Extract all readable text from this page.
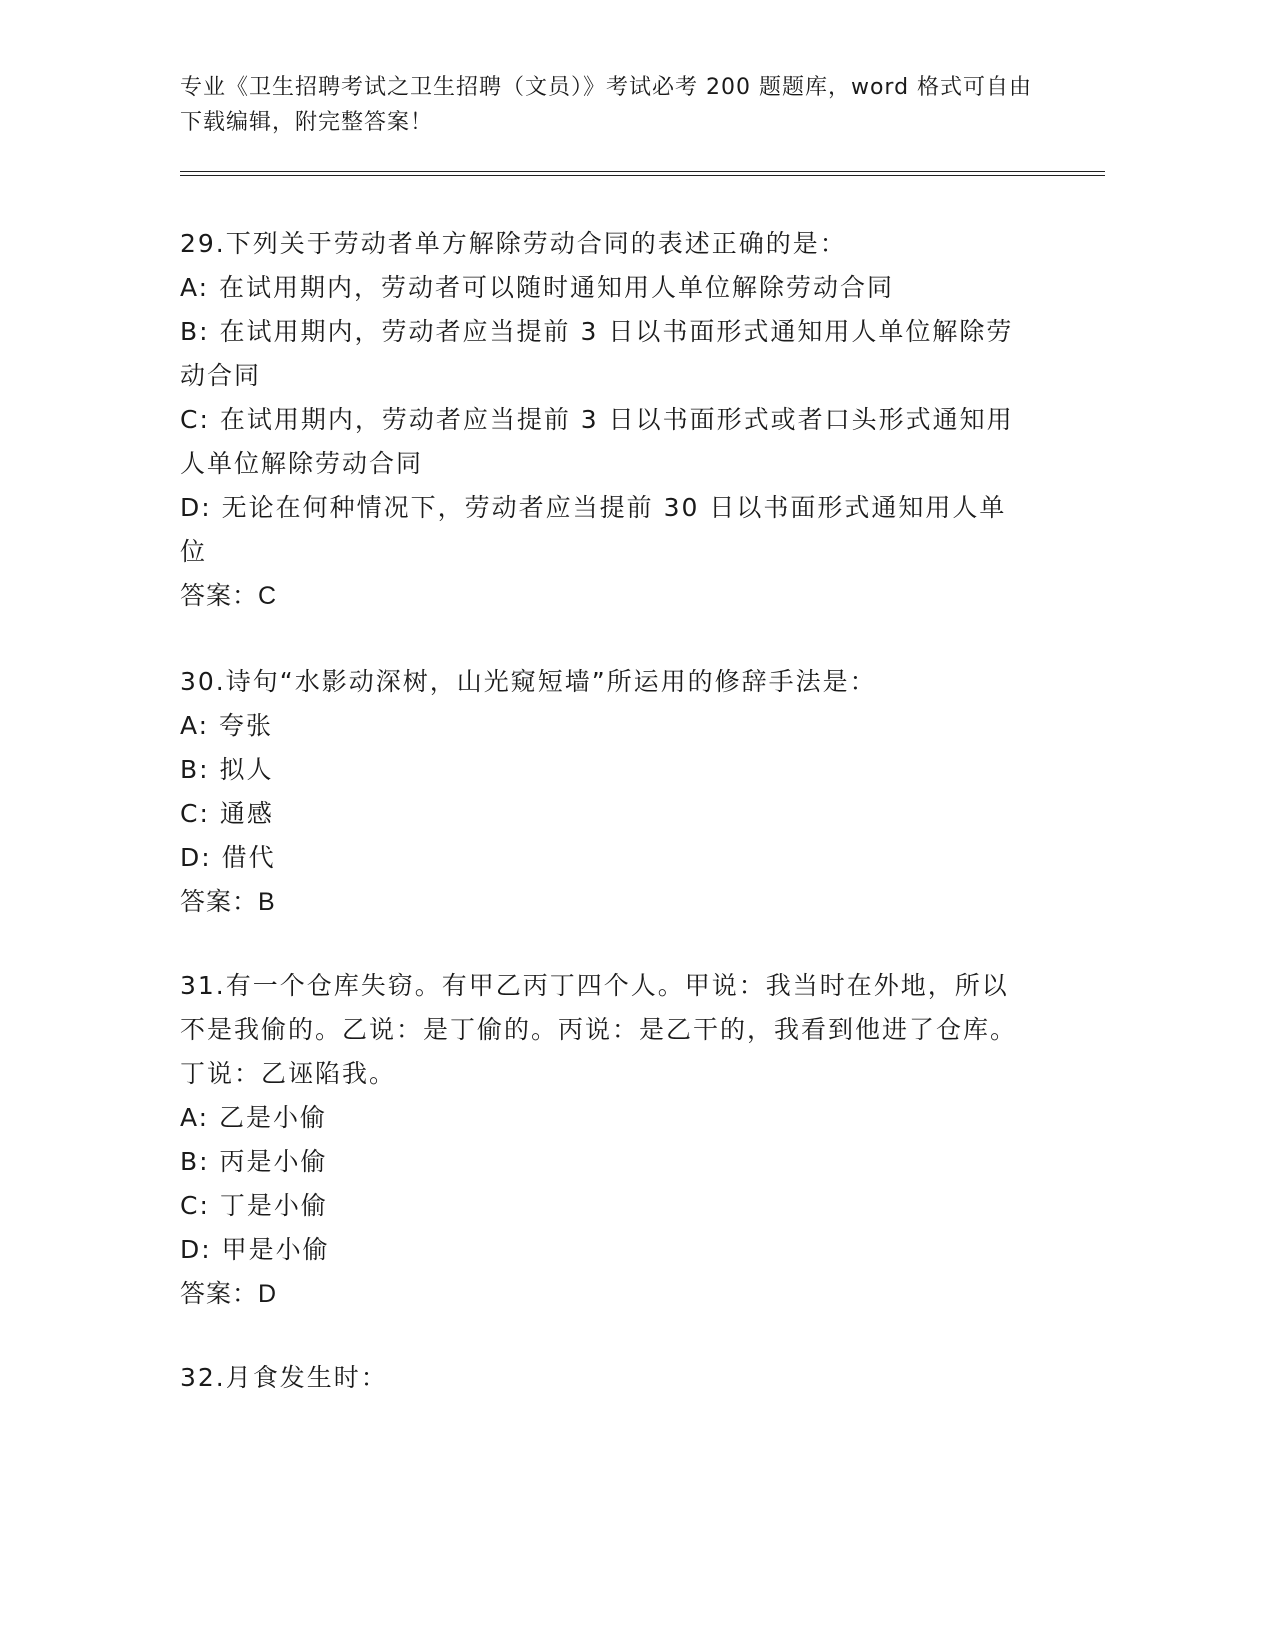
专业《卫生招聘考试之卫生招聘（文员）》考试必考 200 题题库，word 格式可自由下载编辑，附完整答案！
29.下列关于劳动者单方解除劳动合同的表述正确的是：
A: 在试用期内，劳动者可以随时通知用人单位解除劳动合同
B: 在试用期内，劳动者应当提前 3 日以书面形式通知用人单位解除劳动合同
C: 在试用期内，劳动者应当提前 3 日以书面形式或者口头形式通知用人单位解除劳动合同
D: 无论在何种情况下，劳动者应当提前 30 日以书面形式通知用人单位
答案：C
30.诗句“水影动深树，山光窥短墙”所运用的修辞手法是：
A: 夸张
B: 拟人
C: 通感
D: 借代
答案：B
31.有一个仓库失窃。有甲乙丙丁四个人。甲说：我当时在外地，所以不是我偷的。乙说：是丁偷的。丙说：是乙干的，我看到他进了仓库。丁说：乙诬陷我。
A: 乙是小偷
B: 丙是小偷
C: 丁是小偷
D: 甲是小偷
答案：D
32.月食发生时：
